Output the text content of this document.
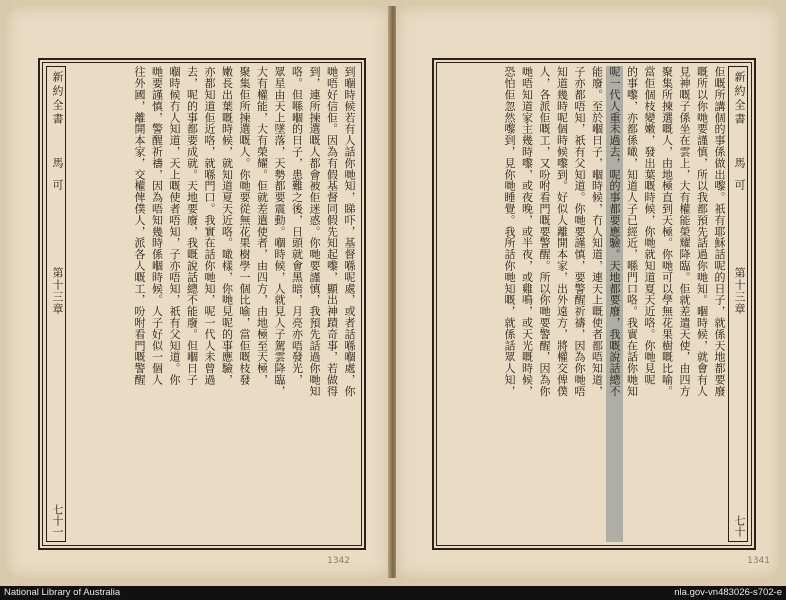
新約全書
馬　可
第十三章
七十一
到嗰時候若有人話你哋知，睇吓，基督喺呢處，或者話喺嗰處，你
哋唔好信佢。因為有假基督同假先知起嚟，顯出神蹟奇事，若做得
到，連所揀選嘅人都會被佢迷惑。你哋要謹慎，我預先話過你哋知
咯。但喺嗰的日子，患難之後，日頭就會黑暗，月亮亦唔發光，
眾星由天上墜落，天勢都要震動。嗰時候，人就見人子駕雲降臨，
大有權能，大有榮耀。佢就差遣使者，由四方，由地極至天極，
聚集佢所揀選嘅人。你哋要從無花果樹學一個比喻，當佢嘅枝發
嫩長出葉嘅時候，就知道夏天近咯。噉樣，你哋見呢的事應驗，
亦都知道佢近咯，就喺門口。我實在話你哋知，呢一代人未曾過
去，呢的事都要成就。天地要廢，我嘅說話總不能廢。但嗰日子
嗰時候冇人知道，天上嘅使者唔知，子亦唔知，祇有父知道。你
哋要謹慎，警醒祈禱，因為唔知幾時係嗰時候。人子好似一個人
往外國，離開本家，交權俾僕人，派各人嘅工，吩咐看門嘅警醒
1342
佢嘅所講個的事係做出嚟。祇有耶穌話呢的日子，就係天地都要廢
嘅所以你哋要謹慎，所以我都預先話過你哋知。嗰時候，就會有人
見神嘅子係坐在雲上，大有權能榮耀降臨。佢就差遣天使，由四方
聚集所揀選嘅人，由地極直到天極。你哋可以學無花果樹嘅比喻。
當佢個枝變嫩，發出葉嘅時候，你哋就知道夏天近咯。你哋見呢
的事嚟，亦都係噉，知道人子已經近，喺門口咯。我實在話你哋知
呢一代人重未過去，呢的事都要應驗。天地都要廢，我嘅說話總不
能廢。至於嗰日子，嗰時候，冇人知道，連天上嘅使者都唔知道，
子亦都唔知，祇有父知道。你哋要謹慎，要警醒祈禱，因為你哋唔
知道幾時呢個時候嚟到。好似人離開本家，出外遠方，將權交俾僕
人，各派佢嘅工，又吩咐看門嘅要警醒。所以你哋要警醒，因為你
哋唔知道家主幾時嚟，或夜晚，或半夜，或雞鳴，或天光嘅時候，
恐怕佢忽然嚟到，見你哋睡覺。我所話你哋知嘅，就係話眾人知，	新約全書
馬　可
第十三章
七十
1341
National Library of Australia	nla.gov-vn483026-s702-e
